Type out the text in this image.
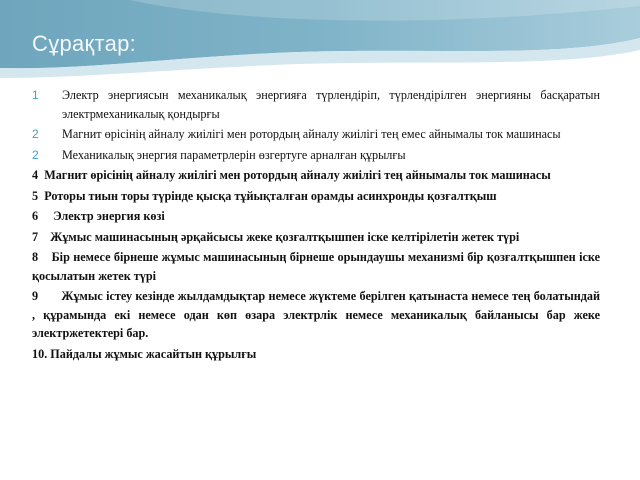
Сұрақтар:
1 Электр энергиясын механикалық энергияға түрлендіріп, түрлендірілген энергияны басқаратын электрмеханикалық қондырғы
2 Магнит өрісінің айналу жиілігі мен ротордың айналу жиілігі тең емес айнымалы ток машинасы
2 Механикалық энергия параметрлерін өзгертуге арналған құрылғы
4 Магнит өрісінің айналу жиілігі мен ротордың айналу жиілігі тең айнымалы ток машинасы
5 Роторы тиын торы түрінде қысқа тұйықталған орамды асинхронды қозғалтқыш
6 Электр энергия көзі
7 Жұмыс машинасының әрқайсысы жеке қозғалтқышпен іске келтірілетін жетек түрі
8 Бір немесе бірнеше жұмыс машинасының бірнеше орындаушы механизмі бір қозғалтқышпен іске қосылатын жетек түрі
9 Жұмыс істеу кезінде жылдамдықтар немесе жүктеме берілген қатынаста немесе тең болатындай , құрамында екі немесе одан көп өзара электрлік немесе механикалық байланысы бар жеке электржетектері бар.
10. Пайдалы жұмыс жасайтын құрылғы
